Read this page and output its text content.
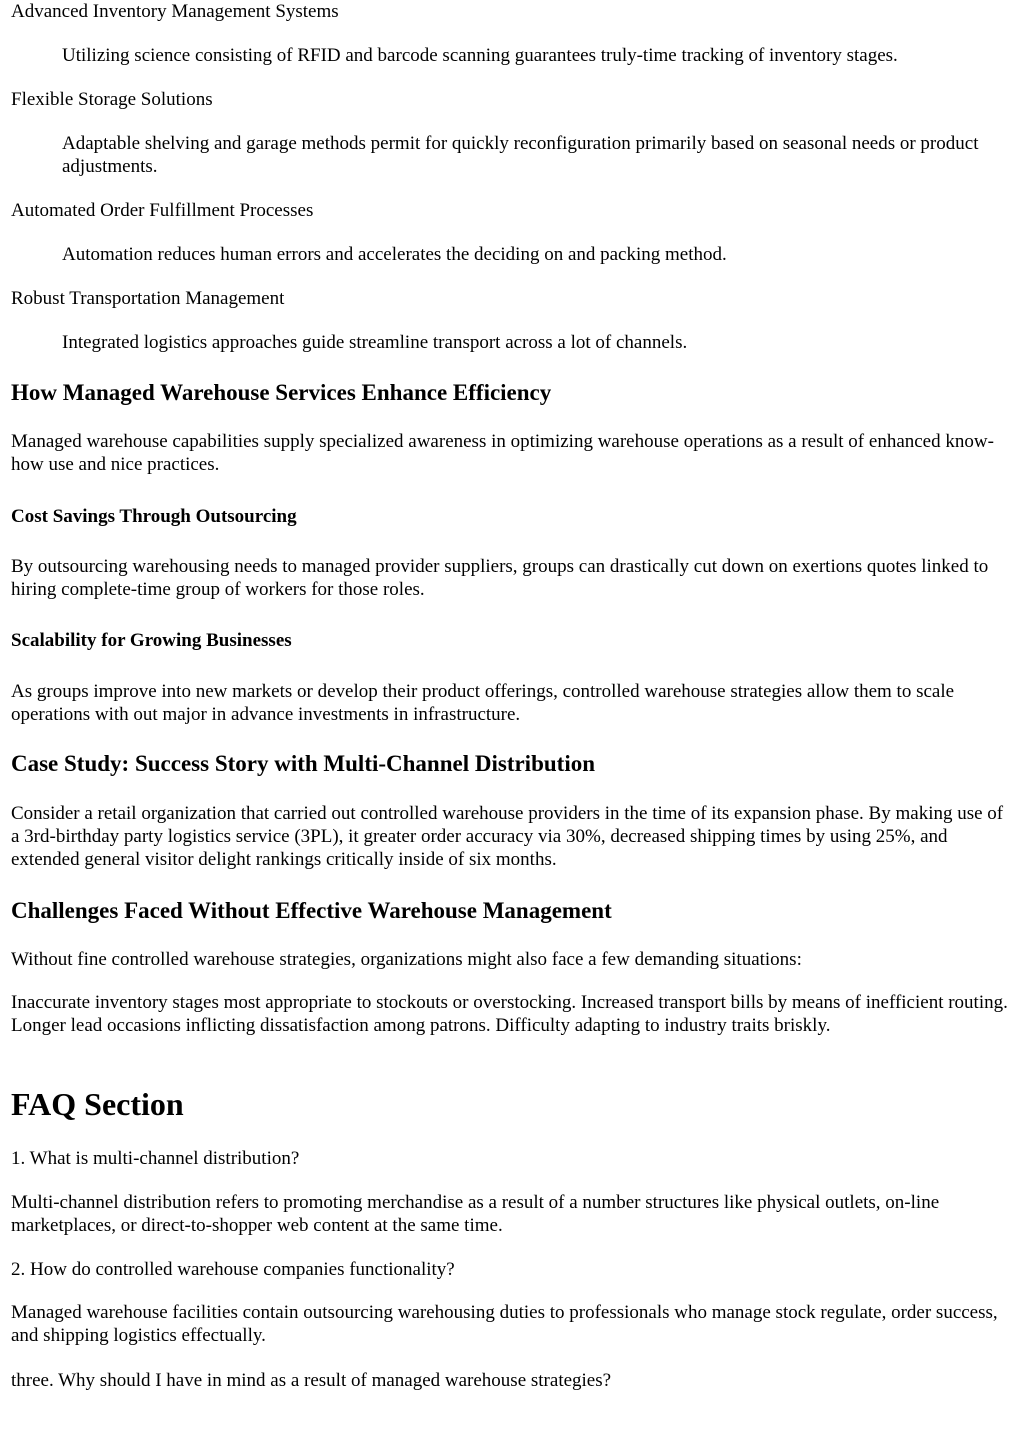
Advanced Inventory Management Systems

Utilizing science consisting of RFID and barcode scanning guarantees truly-time tracking of inventory stages.

Flexible Storage Solutions

Adaptable shelving and garage methods permit for quickly reconfiguration primarily based on seasonal needs or product adjustments.

Automated Order Fulfillment Processes

Automation reduces human errors and accelerates the deciding on and packing method.

Robust Transportation Management

Integrated logistics approaches guide streamline transport across a lot of channels.

How Managed Warehouse Services Enhance Efficiency

Managed warehouse capabilities supply specialized awareness in optimizing warehouse operations as a result of enhanced know-how use and nice practices.

Cost Savings Through Outsourcing

By outsourcing warehousing needs to managed provider suppliers, groups can drastically cut down on exertions quotes linked to hiring complete-time group of workers for those roles.

Scalability for Growing Businesses

As groups improve into new markets or develop their product offerings, controlled warehouse strategies allow them to scale operations with out major in advance investments in infrastructure.

Case Study: Success Story with Multi-Channel Distribution

Consider a retail organization that carried out controlled warehouse providers in the time of its expansion phase. By making use of a 3rd-birthday party logistics service (3PL), it greater order accuracy via 30%, decreased shipping times by using 25%, and extended general visitor delight rankings critically inside of six months.

Challenges Faced Without Effective Warehouse Management

Without fine controlled warehouse strategies, organizations might also face a few demanding situations:

Inaccurate inventory stages most appropriate to stockouts or overstocking. Increased transport bills by means of inefficient routing. Longer lead occasions inflicting dissatisfaction among patrons. Difficulty adapting to industry traits briskly.

FAQ Section

1. What is multi-channel distribution?

Multi-channel distribution refers to promoting merchandise as a result of a number structures like physical outlets, on-line marketplaces, or direct-to-shopper web content at the same time.

2. How do controlled warehouse companies functionality?

Managed warehouse facilities contain outsourcing warehousing duties to professionals who manage stock regulate, order success, and shipping logistics effectually.

three. Why should I have in mind as a result of managed warehouse strategies?
